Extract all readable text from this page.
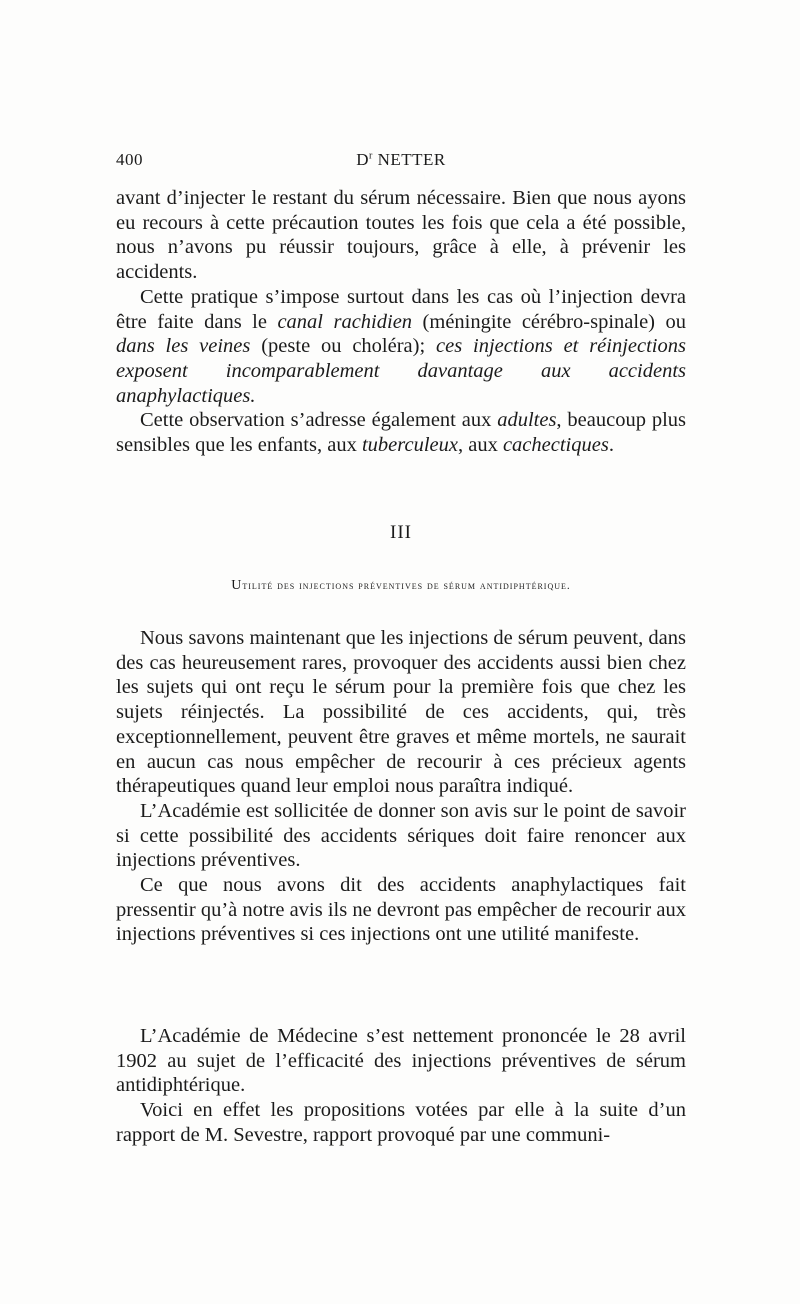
400	$D^r$ NETTER

avant d’injecter le restant du sérum nécessaire. Bien que nous ayons eu recours à cette précaution toutes les fois que cela a été possible, nous n’avons pu réussir toujours, grâce à elle, à prévenir les accidents.

Cette pratique s’impose surtout dans les cas où l’injection devra être faite dans le canal rachidien (méningite cérébro-spinale) ou dans les veines (peste ou choléra); ces injections et réinjections exposent incomparablement davantage aux accidents anaphylactiques.

Cette observation s’adresse également aux adultes, beaucoup plus sensibles que les enfants, aux tuberculeux, aux cachectiques.

III
Utilité des injections préventives de sérum antidiphtérique.

Nous savons maintenant que les injections de sérum peuvent, dans des cas heureusement rares, provoquer des accidents aussi bien chez les sujets qui ont reçu le sérum pour la première fois que chez les sujets réinjectés. La possibilité de ces accidents, qui, très exceptionnellement, peuvent être graves et même mortels, ne saurait en aucun cas nous empêcher de recourir à ces précieux agents thérapeutiques quand leur emploi nous paraîtra indiqué.

L’Académie est sollicitée de donner son avis sur le point de savoir si cette possibilité des accidents sériques doit faire renoncer aux injections préventives.

Ce que nous avons dit des accidents anaphylactiques fait pressentir qu’à notre avis ils ne devront pas empêcher de recourir aux injections préventives si ces injections ont une utilité manifeste.

L’Académie de Médecine s’est nettement prononcée le 28 avril 1902 au sujet de l’efficacité des injections préventives de sérum antidiphtérique.

Voici en effet les propositions votées par elle à la suite d’un rapport de M. Sevestre, rapport provoqué par une communi-
